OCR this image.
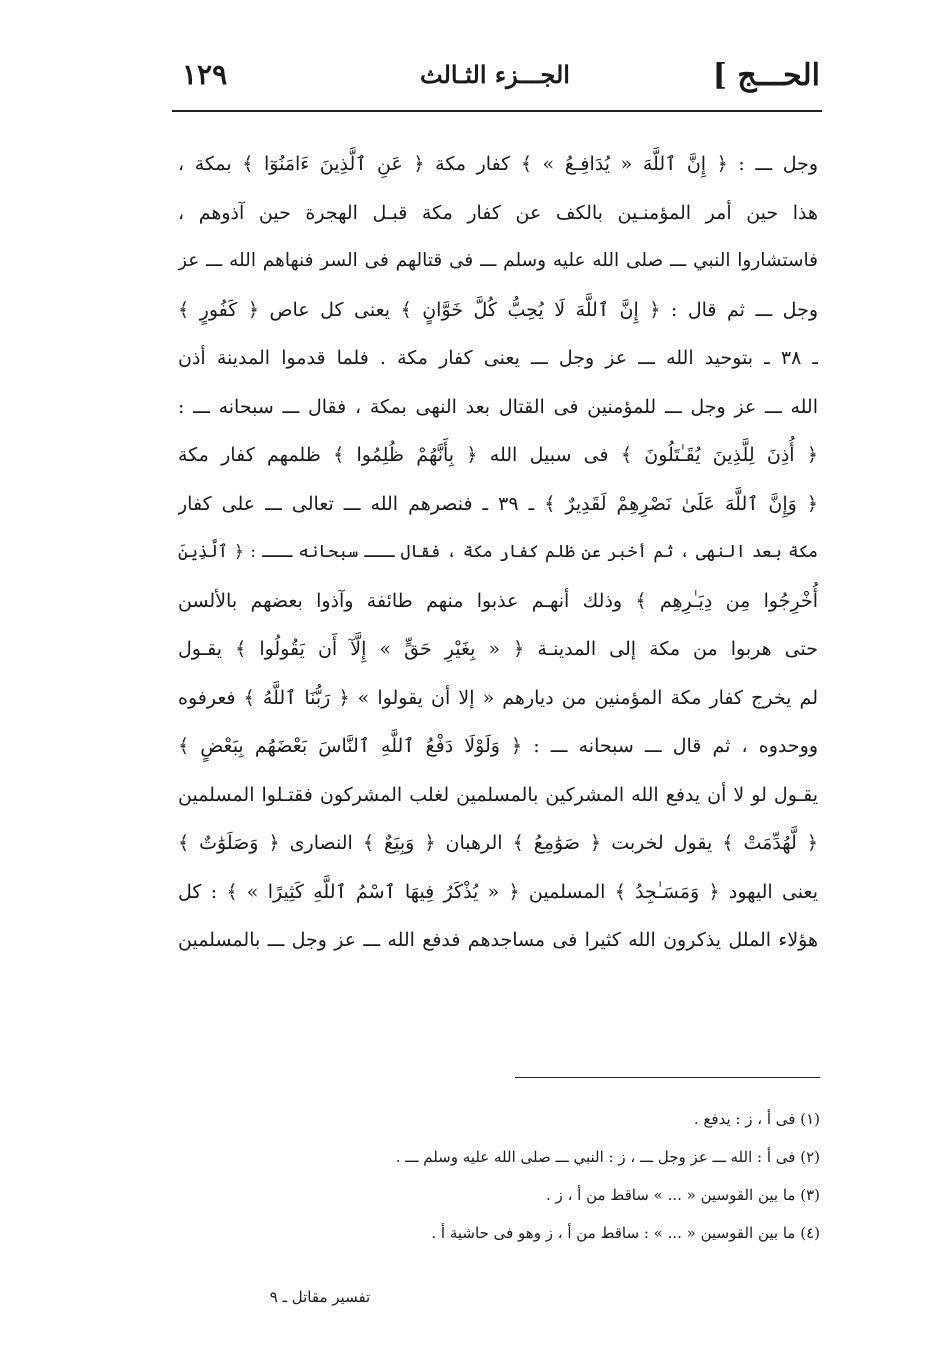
الحـــج ]
الجـــزء الثـالث
١٢٩
وجل ـــ : ﴿ إِنَّ ٱللَّهَ « يُدَافِـعُ » ﴾ كفار مكة ﴿ عَنِ ٱلَّذِينَ ءَامَنُوٓا ﴾ بمكة ،
هذا حين أمر المؤمنـين بالكف عن كفار مكة قبـل الهجرة حين آذوهم ،
فاستشاروا النبي ـــ صلى الله عليه وسلم ـــ فى قتالهم فى السر فنهاهم الله ـــ عز
وجل ـــ ثم قال : ﴿ إِنَّ ٱللَّهَ لَا يُحِبُّ كُلَّ خَوَّانٍ ﴾ يعنى كل عاص ﴿ كَفُورٍ ﴾
ـ ٣٨ ـ بتوحيد الله ـــ عز وجل ـــ يعنى كفار مكة . فلما قدموا المدينة أذن
الله ـــ عز وجل ـــ للمؤمنين فى القتال بعد النهى بمكة ، فقال ـــ سبحانه ـــ :
﴿ أُذِنَ لِلَّذِينَ يُقَـٰتَلُونَ ﴾ فى سبيل الله ﴿ بِأَنَّهُمْ ظُلِمُوا ﴾ ظلمهم كفار مكة
﴿ وَإِنَّ ٱللَّهَ عَلَىٰ نَصْرِهِمْ لَقَدِيرٌ ﴾ ـ ٣٩ ـ فنصرهم الله ـــ تعالى ـــ على كفار
مكة بعد النهى ، ثم أخبر عن ظلم كفار مكة ، فقال ـــ سبحانه ـــ : ﴿ ٱلَّذِينَ
أُخْرِجُوا مِن دِيَـٰرِهِم ﴾ وذلك أنهـم عذبوا منهم طائفة وآذوا بعضهم بالألسن
حتى هربوا من مكة إلى المدينـة ﴿ « بِغَيْرِ حَقٍّ » إِلَّآ أَن يَقُولُوا ﴾ يقـول
لم يخرج كفار مكة المؤمنين من ديارهم « إلا أن يقولوا » ﴿ رَبُّنَا ٱللَّهُ ﴾ فعرفوه
ووحدوه ، ثم قال ـــ سبحانه ـــ : ﴿ وَلَوْلَا دَفْعُ ٱللَّهِ ٱلنَّاسَ بَعْضَهُم بِبَعْضٍ ﴾
يقـول لو لا أن يدفع الله المشركين بالمسلمين لغلب المشركون فقتـلوا المسلمين
﴿ لَّهُدِّمَتْ ﴾ يقول لخربت ﴿ صَوَٰمِعُ ﴾ الرهبان ﴿ وَبِيَعٌ ﴾ النصارى ﴿ وَصَلَوَٰتٌ ﴾
يعنى اليهود ﴿ وَمَسَـٰجِدُ ﴾ المسلمين ﴿ « يُذْكَرُ فِيهَا ٱسْمُ ٱللَّهِ كَثِيرًا » ﴾ : كل
هؤلاء الملل يذكرون الله كثيرا فى مساجدهم فدفع الله ـــ عز وجل ـــ بالمسلمين
(١) فى أ ، ز : يدفع .
(٢) فى أ : الله ـــ عز وجل ـــ ، ز : النبي ـــ صلى الله عليه وسلم ـــ .
(٣) ما بين القوسين « ... » ساقط من أ ، ز .
(٤) ما بين القوسين « ... » : ساقط من أ ، ز وهو فى حاشية أ .
تفسير مقاتل ـ ٩
